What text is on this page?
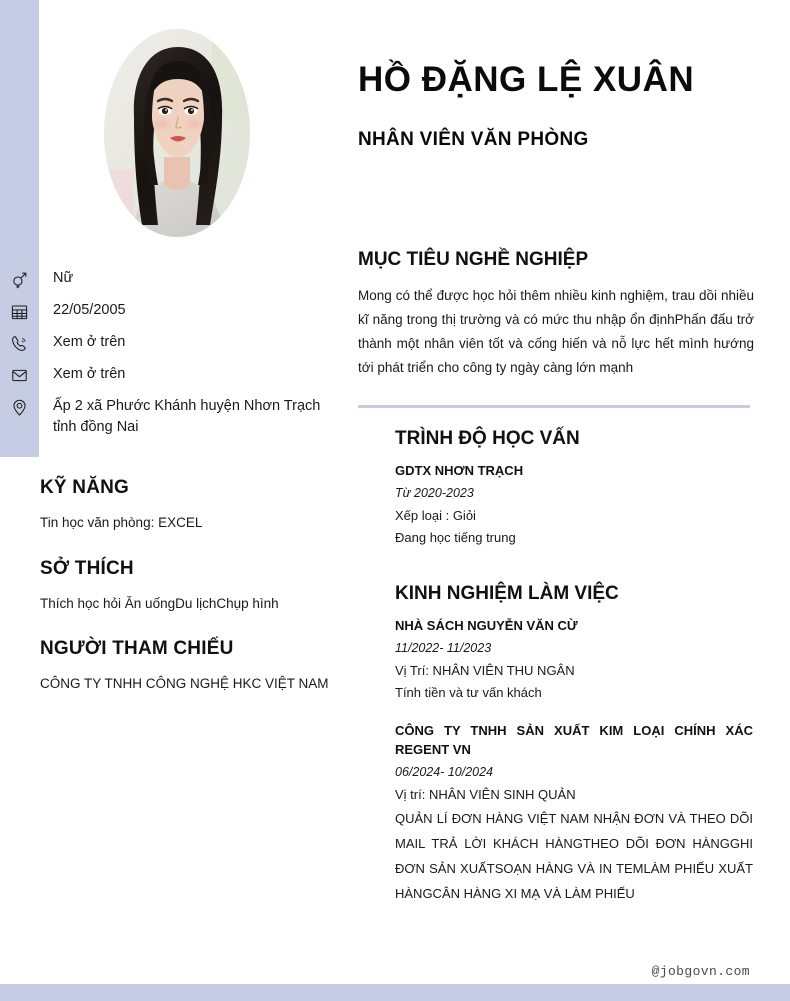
Nữ
22/05/2005
Xem ở trên
Xem ở trên
Ấp 2 xã Phước Khánh huyện Nhơn Trạch tỉnh đồng Nai
KỸ NĂNG
Tin học văn phòng: EXCEL
SỞ THÍCH
Thích học hỏi Ăn uốngDu lịchChụp hình
NGƯỜI THAM CHIẾU
CÔNG TY TNHH CÔNG NGHỆ HKC VIỆT NAM
HỒ ĐẶNG LỆ XUÂN
NHÂN VIÊN VĂN PHÒNG
MỤC TIÊU NGHỀ NGHIỆP
Mong có thể được học hỏi thêm nhiều kinh nghiệm, trau dồi nhiều kĩ năng trong thị trường và có mức thu nhập ổn địnhPhấn đấu trở thành một nhân viên tốt và cống hiến và nỗ lực hết mình hướng tới phát triển cho công ty ngày càng lớn mạnh
TRÌNH ĐỘ HỌC VẤN
GDTX NHƠN TRẠCH
Từ 2020-2023
Xếp loại : Giỏi
Đang học tiếng trung
KINH NGHIỆM LÀM VIỆC
NHÀ SÁCH NGUYỄN VĂN CỪ
11/2022- 11/2023
Vị Trí: NHÂN VIÊN THU NGÂN
Tính tiền và tư vấn khách
CÔNG TY TNHH SẢN XUẤT KIM LOẠI CHÍNH XÁC REGENT VN
06/2024- 10/2024
Vị trí: NHÂN VIÊN SINH QUẢN
QUẢN LÍ ĐƠN HÀNG VIỆT NAM NHẬN ĐƠN VÀ THEO DÕI MAIL TRẢ LỜI KHÁCH HÀNGTHEO DÕI ĐƠN HÀNGGHI ĐƠN SẢN XUẤTSOẠN HÀNG VÀ IN TEMLÀM PHIẾU XUẤT HÀNGCÂN HÀNG XI MẠ VÀ LÀM PHIẾU
@jobgovn.com
